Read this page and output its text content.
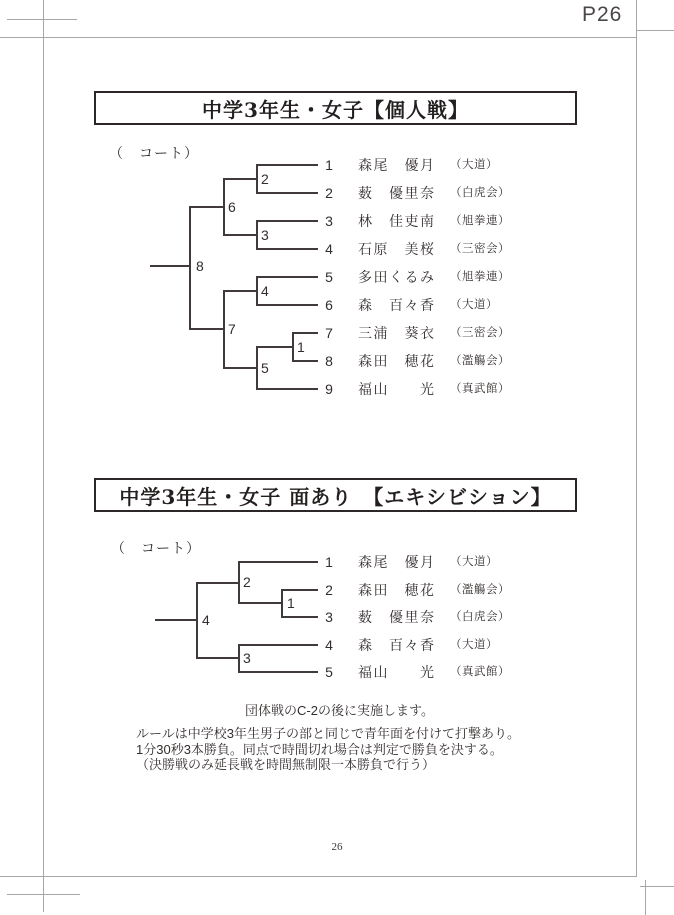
P26
26
中学3年生・女子【個人戦】
（　コート）
2
6
3
8
4
1
7
5
1	森尾　優月 （大道）
2	薮　優里奈 （白虎会）
3	林　佳吏南 （旭拳連）
4	石原　美桜 （三密会）
5	多田くるみ （旭拳連）
6	森　百々香 （大道）
7	三浦　葵衣 （三密会）
8	森田　穂花 （濫觴会）
9	福山　　光 （真武館）
中学3年生・女子 面あり　【エキシビション】
（　コート）
2
1
4
3
1	森尾　優月 （大道）
2	森田　穂花 （濫觴会）
3	薮　優里奈 （白虎会）
4	森　百々香 （大道）
5	福山　　光 （真武館）
団体戦のC-2の後に実施します。
ルールは中学校3年生男子の部と同じで青年面を付けて打撃あり。
1分30秒3本勝負。同点で時間切れ場合は判定で勝負を決する。
（決勝戦のみ延長戦を時間無制限一本勝負で行う）
